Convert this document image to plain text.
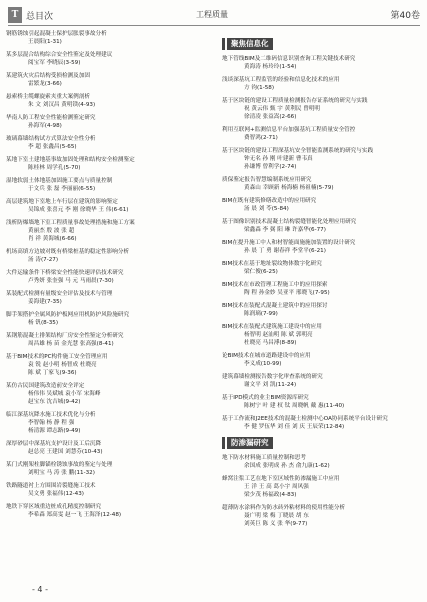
T 总目次	工程质量	第40卷
钢筋锈蚀引起混凝土保护层胀裂事故分析
王晨阳(1-31)
某多层混合结构综合安全性鉴定及处理建议
阅宝军 李晓辰(3-59)
某建筑火灾后结构受损检测及加固
雷繁龙(3-66)
悬索桥主缆螺旋索夹重大案例剖析
朱 文 刘汉昌 黄明镁(4-93)
华南人防工程安全性能检测鉴定研究
孙海军(4-98)
玻璃幕墙结构试方式算法安全性分析
李 超 张鑫昌(5-65)
某地下室土建地基事故加固处理和结构安全检测鉴定
陈桂林 周学孔(5-70)
湿地软弱土体地基加固施工要点与质量控制
于文兵 张 磊 李丽丽(6-55)
高层建筑地下室地上车行层在建筑的影响鉴定
吴锦成 张喜元 李 刚 徐晓华 王 伟(6-61)
浅析防爆墙地下室工程质量事故处理措施和施工方案
黄丽杰 殷 波 张 超
肖 祥 黄海城(6-66)
机场高填方边坡对既有桥梁桩基的稳定性影响分析
汤 涛(7-27)
大件运输条件下桥梁安全性能快速评估技术研究
卢秀妍 张奎强 马 元 马雨晨(7-30)
某装配式检测有量级安全评估及技术与管理
姜海建(7-35)
脚手架搭护全属风防护板网应用机防护风险施研究
杨 钒(8-35)
某钢筋混凝土排架结构厂房安全性鉴定分析研究
周昌雄 杨 苗 金光慧 张高强(8-41)
基于BIM技术的PC构件施工安全管理应用
袁 锐 赵小明 杨智成 杜晓亮
陈 斌 丁家飞(9-36)
某仿古民国建筑改造前安全评定
杨伟伟 吴斌城 袁小军 宋海峰
赵宝东 沈吉城(9-42)
临江深基坑降水施工技术优化与分析
李智翰 杨 静 程 强
杨清源 谭志路(9-49)
深厚砂层中深基坑支护设计及工后沉降
赵总亮 王建国 刘慧芬(10-43)
某门式刚架柱脚锚栓锈蚀事故的鉴定与处理
刘明宝 马 涛 张 鹏(11-32)
铁路隧道衬上方围围岩裂缝施工技术
吴文勇 张福伟(12-43)
地铁下穿区域重边桩成孔精度控制研究
李希森 郑高雯 赵一飞 王海泽(12-48)
聚焦信息化
地下管线BIM及二维码信息识别查询工程关键技术研究
黄海涛 杨玲玲(1-54)
浅谈深基坑工程监管的经验和信息化技术的应用
方 钧(1-58)
基于区块链的建设工程质量检测报告存证系统的研究与实践
祝 黄云伟 甄 宇 黄利民 曾明明
徐清凌 张益嵩(2-66)
利用互联网+监测信息平台加强基坑工程质量安全管控
费智鸿(2-71)
基于区块链的建设工程深基坑安全智能监测系统的研究与实践
钟无名 孙 刚 叶建新 曹韦真
孙谦博 曾利学(2-74)
质保鉴定报告智慧编制系统应用研究
黄森山 幸顾新 杨海楠 杨祖楠(5-79)
BIM在既有建筑修缮改造中的应用研究
汤 晨 刘 苓(5-84)
基于图像识别技术混凝土结构裂缝智能化处理应用研究
梁鑫森 李 弼 阳 琳 许嘉华(6-77)
BIM在提升施工中人和材智能面施施加装置的设计研究
孙 晨 丁 勇 谢春祥 李堂平(6-21)
BIM技术在基于地址裂纹物体数字化研究
梁仁俊(6-25)
BIM技术在市政管理工程施工中的应用探索
陶 程 孙金妙 吴亚平 邢晓飞(7-95)
BIM技术在装配式混凝土建筑中的应用探讨
陈润璃(7-99)
BIM技术在装配式建筑施工建设中的应用
杨智明 赵汕明 陈 斌 郭明亮
杜晓亮 马昌溥(8-89)
论BIM技术在城市道路建设中的应用
李义成(10-99)
建筑幕墙检测报告数字化审查系统的研究
谢文平 刘 凯(11-24)
基于IPD模式的业主BIM资源库研究
陈树宁 叶 建 权 钛 周晓帆 戴 惠(11-40)
基于工作流和J2EE技术的混凝土检测中心OA协同系统平台设计研究
李 健 罗伍华 刘 佳 刘 庆 王辰荣(12-84)
防渗漏研究
地下防水材料施工质量控制和思考
余国成 张明成 孙 杰 俞九康(1-62)
蜂窝注浆工艺在地下室区域性防渗漏施工中应用
王 洋 王 高 葛小宇 周风强
梁少茂 杨福政(4-83)
超薄防水涂料作为防水砖外粘材料的使用性能分析
聂广明 梁 梅 丁晓晨 胡 东
刘英巨 陈 义 张 华(9-77)
- 4 -
